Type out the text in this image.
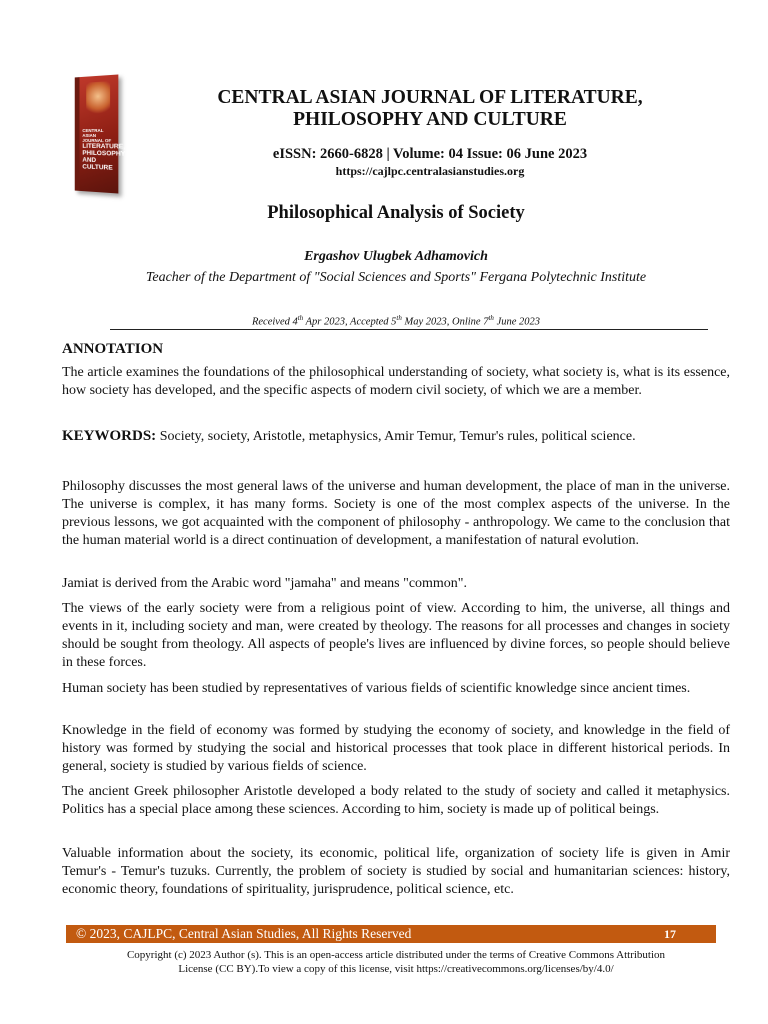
CENTRAL ASIAN JOURNAL OF
LITERATURE, PHILOSOPHY AND CULTURE
CENTRAL ASIAN JOURNAL OF LITERATURE,
PHILOSOPHY AND CULTURE
eISSN: 2660-6828 | Volume: 04 Issue: 06 June 2023
https://cajlpc.centralasianstudies.org
Philosophical Analysis of Society
Ergashov Ulugbek Adhamovich
Teacher of the Department of "Social Sciences and Sports" Fergana Polytechnic Institute
Received 4th Apr 2023, Accepted 5th May 2023, Online 7th June 2023
ANNOTATION

The article examines the foundations of the philosophical understanding of society, what society is, what is its essence, how society has developed, and the specific aspects of modern civil society, of which we are a member.

KEYWORDS: Society, society, Aristotle, metaphysics, Amir Temur, Temur's rules, political science.

Philosophy discusses the most general laws of the universe and human development, the place of man in the universe. The universe is complex, it has many forms. Society is one of the most complex aspects of the universe. In the previous lessons, we got acquainted with the component of philosophy - anthropology. We came to the conclusion that the human material world is a direct continuation of development, a manifestation of natural evolution.

Jamiat is derived from the Arabic word "jamaha" and means "common".

The views of the early society were from a religious point of view. According to him, the universe, all things and events in it, including society and man, were created by theology. The reasons for all processes and changes in society should be sought from theology. All aspects of people's lives are influenced by divine forces, so people should believe in these forces.

Human society has been studied by representatives of various fields of scientific knowledge since ancient times.

Knowledge in the field of economy was formed by studying the economy of society, and knowledge in the field of history was formed by studying the social and historical processes that took place in different historical periods. In general, society is studied by various fields of science.

The ancient Greek philosopher Aristotle developed a body related to the study of society and called it metaphysics. Politics has a special place among these sciences. According to him, society is made up of political beings.

Valuable information about the society, its economic, political life, organization of society life is given in Amir Temur's - Temur's tuzuks. Currently, the problem of society is studied by social and humanitarian sciences: history, economic theory, foundations of spirituality, jurisprudence, political science, etc.

© 2023, CAJLPC, Central Asian Studies, All Rights Reserved	17
Copyright (c) 2023 Author (s). This is an open-access article distributed under the terms of Creative Commons Attribution
License (CC BY).To view a copy of this license, visit https://creativecommons.org/licenses/by/4.0/
